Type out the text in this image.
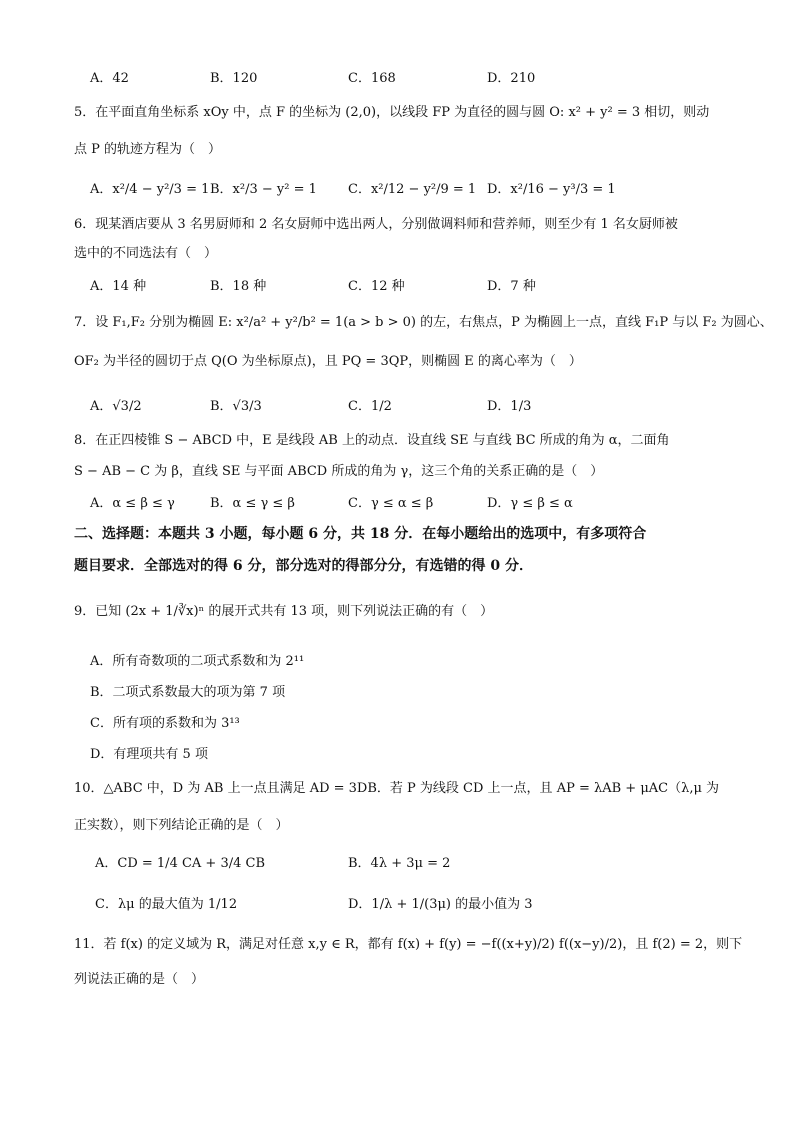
A．42	B．120	C．168	D．210
5．在平面直角坐标系 xOy 中，点 F 的坐标为 (2,0)，以线段 FP 为直径的圆与圆 O: x² + y² = 3 相切，则动
点 P 的轨迹方程为（　）
A．x²/4 − y²/3 = 1 B．x²/3 − y² = 1 C．x²/12 − y²/9 = 1 D．x²/16 − y³/3 = 1
6．现某酒店要从 3 名男厨师和 2 名女厨师中选出两人，分别做调料师和营养师，则至少有 1 名女厨师被
选中的不同选法有（　）
A．14 种	B．18 种	C．12 种	D．7 种
7．设 F₁,F₂ 分别为椭圆 E: x²/a² + y²/b² = 1(a > b > 0) 的左，右焦点，P 为椭圆上一点，直线 F₁P 与以 F₂ 为圆心、
OF₂ 为半径的圆切于点 Q(O 为坐标原点)，且 PQ = 3QP，则椭圆 E 的离心率为（　）
A．√3/2	B．√3/3	C．1/2	D．1/3
8．在正四棱锥 S − ABCD 中，E 是线段 AB 上的动点．设直线 SE 与直线 BC 所成的角为 α，二面角
S − AB − C 为 β，直线 SE 与平面 ABCD 所成的角为 γ，这三个角的关系正确的是（　）
A．α ≤ β ≤ γ	B．α ≤ γ ≤ β	C．γ ≤ α ≤ β	D．γ ≤ β ≤ α
二、选择题：本题共 3 小题，每小题 6 分，共 18 分．在每小题给出的选项中，有多项符合
题目要求．全部选对的得 6 分，部分选对的得部分分，有选错的得 0 分．
9．已知 (2x + 1/∛x)ⁿ 的展开式共有 13 项，则下列说法正确的有（　）
A．所有奇数项的二项式系数和为 2¹¹
B．二项式系数最大的项为第 7 项
C．所有项的系数和为 3¹³
D．有理项共有 5 项
10．△ABC 中，D 为 AB 上一点且满足 AD = 3DB．若 P 为线段 CD 上一点，且 AP = λAB + μAC（λ,μ 为
正实数），则下列结论正确的是（　）
A．CD = 1/4 CA + 3/4 CB	B．4λ + 3μ = 2
C．λμ 的最大值为 1/12	D．1/λ + 1/(3μ) 的最小值为 3
11．若 f(x) 的定义域为 R，满足对任意 x,y ∈ R，都有 f(x) + f(y) = −f((x+y)/2) f((x−y)/2)，且 f(2) = 2，则下
列说法正确的是（　）
